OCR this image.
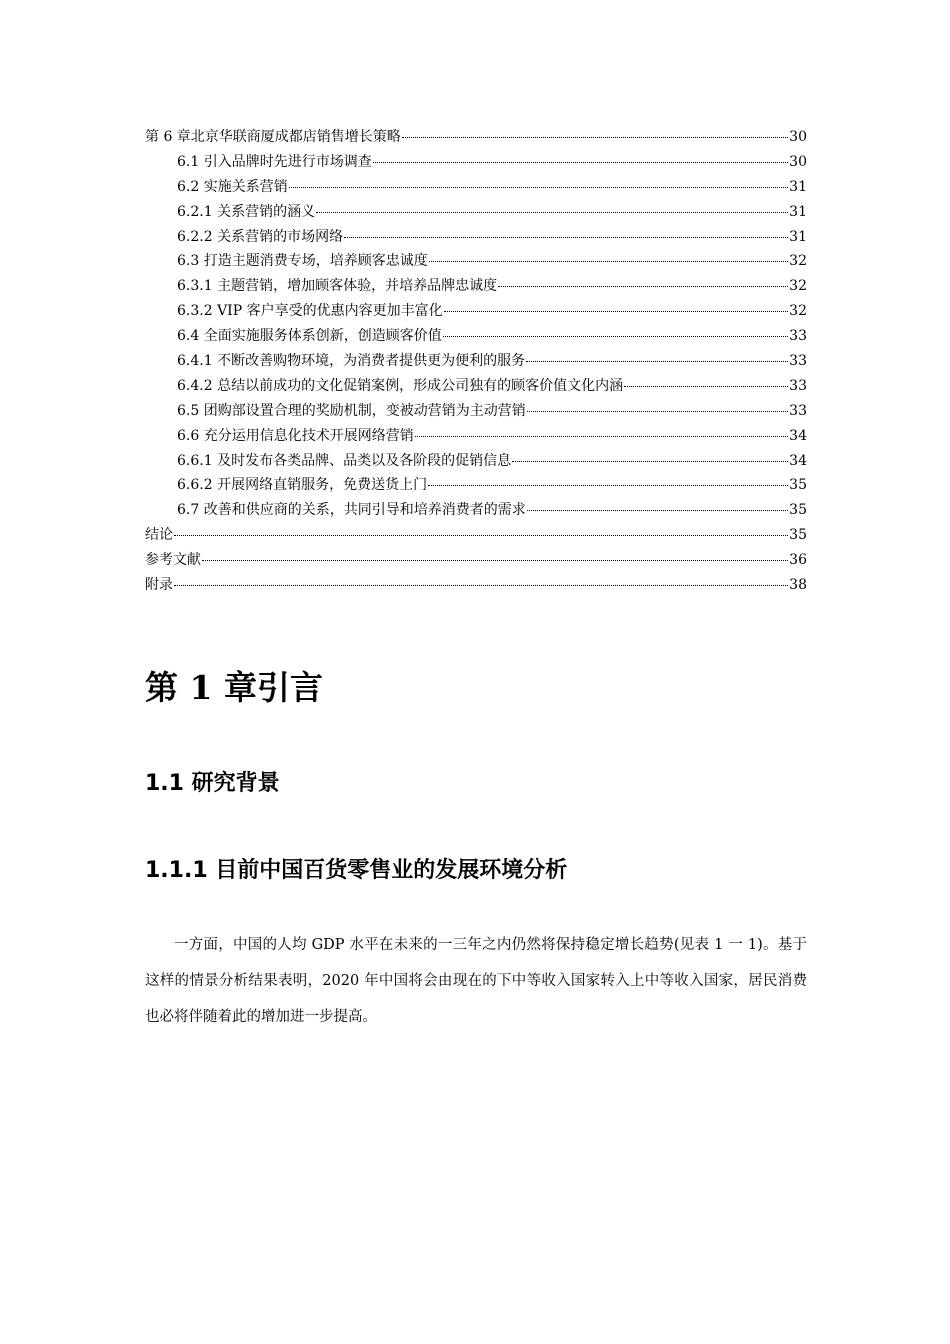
第 6 章北京华联商厦成都店销售增长策略	30
6.1 引入品牌时先进行市场调查	30
6.2 实施关系营销	31
6.2.1 关系营销的涵义	31
6.2.2 关系营销的市场网络	31
6.3 打造主题消费专场，培养顾客忠诚度	32
6.3.1 主题营销，增加顾客体验，并培养品牌忠诚度	32
6.3.2 VIP 客户享受的优惠内容更加丰富化	32
6.4 全面实施服务体系创新，创造顾客价值	33
6.4.1 不断改善购物环境，为消费者提供更为便利的服务	33
6.4.2 总结以前成功的文化促销案例，形成公司独有的顾客价值文化内涵	33
6.5 团购部设置合理的奖励机制，变被动营销为主动营销	33
6.6 充分运用信息化技术开展网络营销	34
6.6.1 及时发布各类品牌、品类以及各阶段的促销信息	34
6.6.2 开展网络直销服务，免费送货上门	35
6.7 改善和供应商的关系，共同引导和培养消费者的需求	35
结论	35
参考文献	36
附录	38
第 1 章引言
1.1 研究背景
1.1.1 目前中国百货零售业的发展环境分析

一方面，中国的人均 GDP 水平在未来的一三年之内仍然将保持稳定增长趋势(见表 1 一 1)。基于这样的情景分析结果表明，2020 年中国将会由现在的下中等收入国家转入上中等收入国家，居民消费也必将伴随着此的增加进一步提高。
